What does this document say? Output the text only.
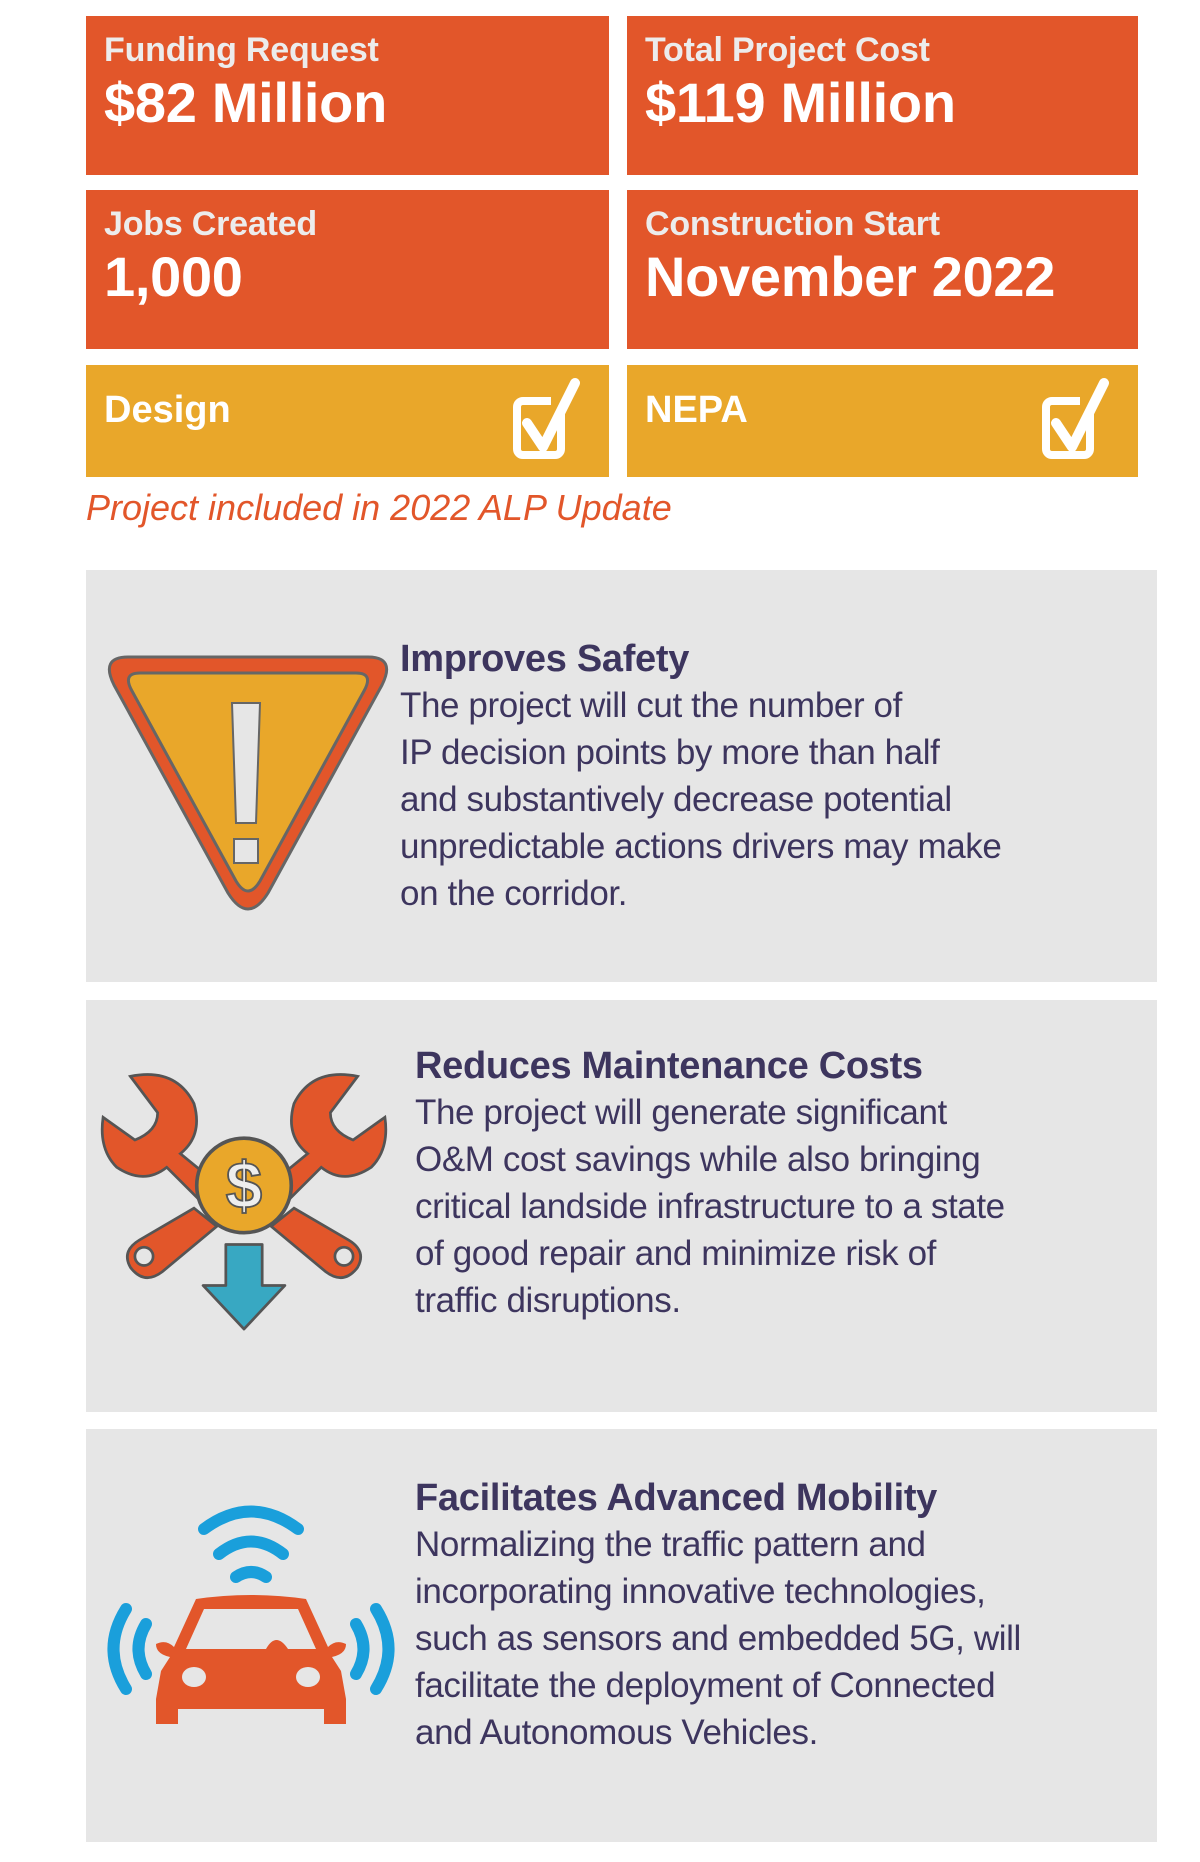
Funding Request
$82 Million
Total Project Cost
$119 Million
Jobs Created
1,000
Construction Start
November 2022
Design	NEPA
Project included in 2022 ALP Update
Improves Safety
The project will cut the number of
IP decision points by more than half
and substantively decrease potential
unpredictable actions drivers may make
on the corridor.
$
Reduces Maintenance Costs
The project will generate significant
O&M cost savings while also bringing
critical landside infrastructure to a state
of good repair and minimize risk of
traffic disruptions.
Facilitates Advanced Mobility
Normalizing the traffic pattern and
incorporating innovative technologies,
such as sensors and embedded 5G, will
facilitate the deployment of Connected
and Autonomous Vehicles.
